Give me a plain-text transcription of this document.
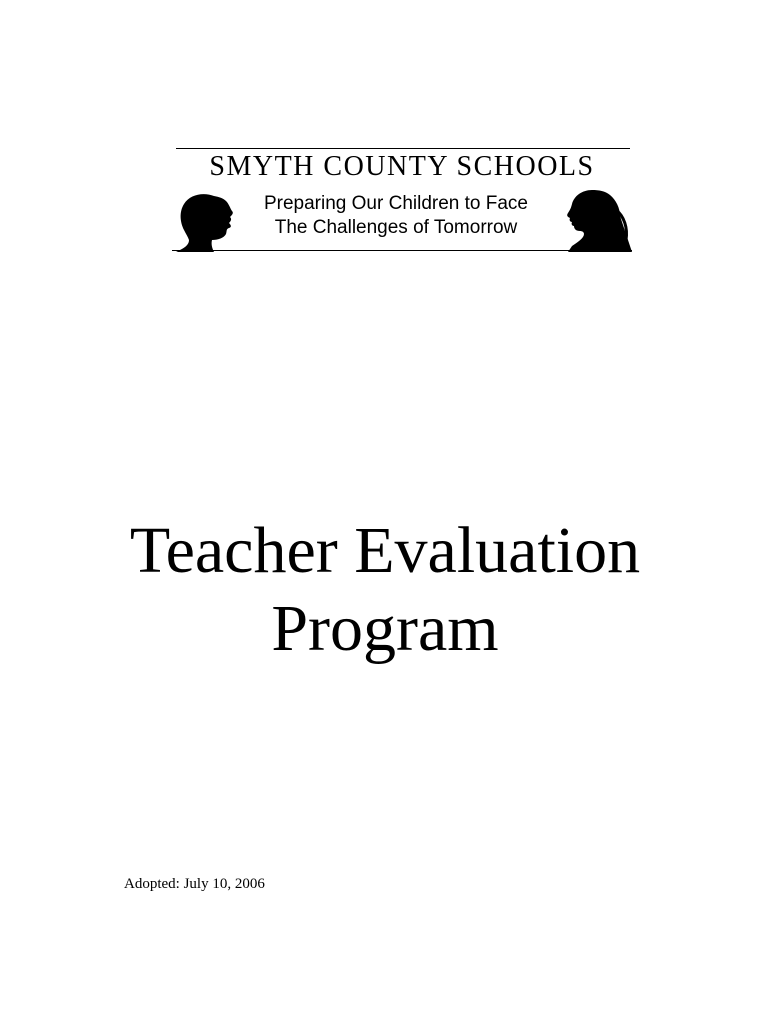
SMYTH COUNTY SCHOOLS
Preparing Our Children to Face
The Challenges of Tomorrow
Teacher Evaluation
Program
Adopted: July 10, 2006
